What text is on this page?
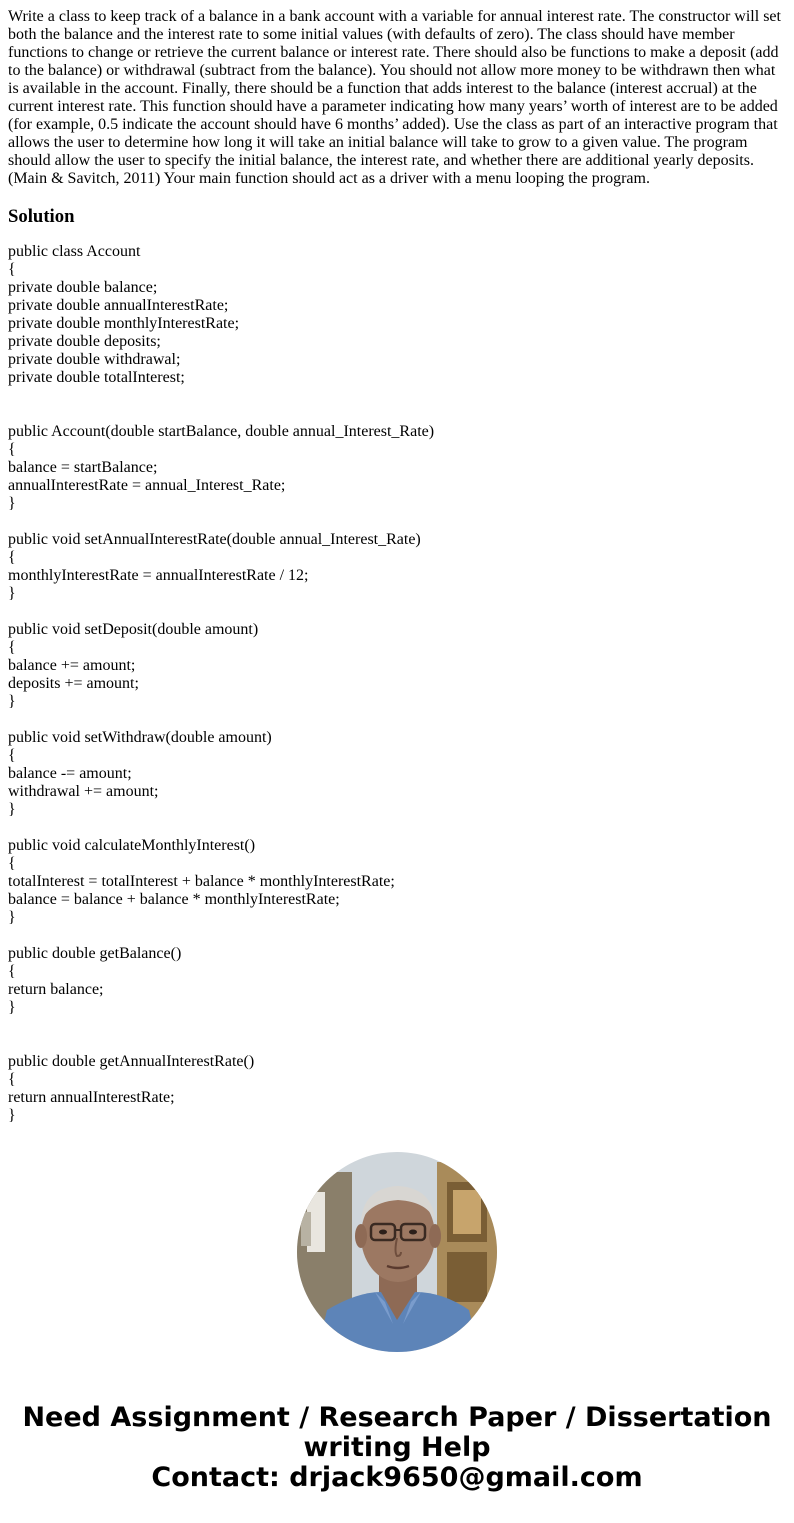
Write a class to keep track of a balance in a bank account with a variable for annual interest rate. The constructor will set both the balance and the interest rate to some initial values (with defaults of zero). The class should have member functions to change or retrieve the current balance or interest rate. There should also be functions to make a deposit (add to the balance) or withdrawal (subtract from the balance). You should not allow more money to be withdrawn then what is available in the account. Finally, there should be a function that adds interest to the balance (interest accrual) at the current interest rate. This function should have a parameter indicating how many years’ worth of interest are to be added (for example, 0.5 indicate the account should have 6 months’ added). Use the class as part of an interactive program that allows the user to determine how long it will take an initial balance will take to grow to a given value. The program should allow the user to specify the initial balance, the interest rate, and whether there are additional yearly deposits. (Main & Savitch, 2011) Your main function should act as a driver with a menu looping the program.

Solution
public class Account
{
private double balance;
private double annualInterestRate;
private double monthlyInterestRate;
private double deposits;
private double withdrawal;
private double totalInterest;
public Account(double startBalance, double annual_Interest_Rate)
{
balance = startBalance;
annualInterestRate = annual_Interest_Rate;
}
public void setAnnualInterestRate(double annual_Interest_Rate)
{
monthlyInterestRate = annualInterestRate / 12;
}
public void setDeposit(double amount)
{
balance += amount;
deposits += amount;
}
public void setWithdraw(double amount)
{
balance -= amount;
withdrawal += amount;
}
public void calculateMonthlyInterest()
{
totalInterest = totalInterest + balance * monthlyInterestRate;
balance = balance + balance * monthlyInterestRate;
}
public double getBalance()
{
return balance;
}
public double getAnnualInterestRate()
{
return annualInterestRate;
}
Need Assignment / Research Paper / Dissertation
writing Help
Contact: drjack9650@gmail.com
